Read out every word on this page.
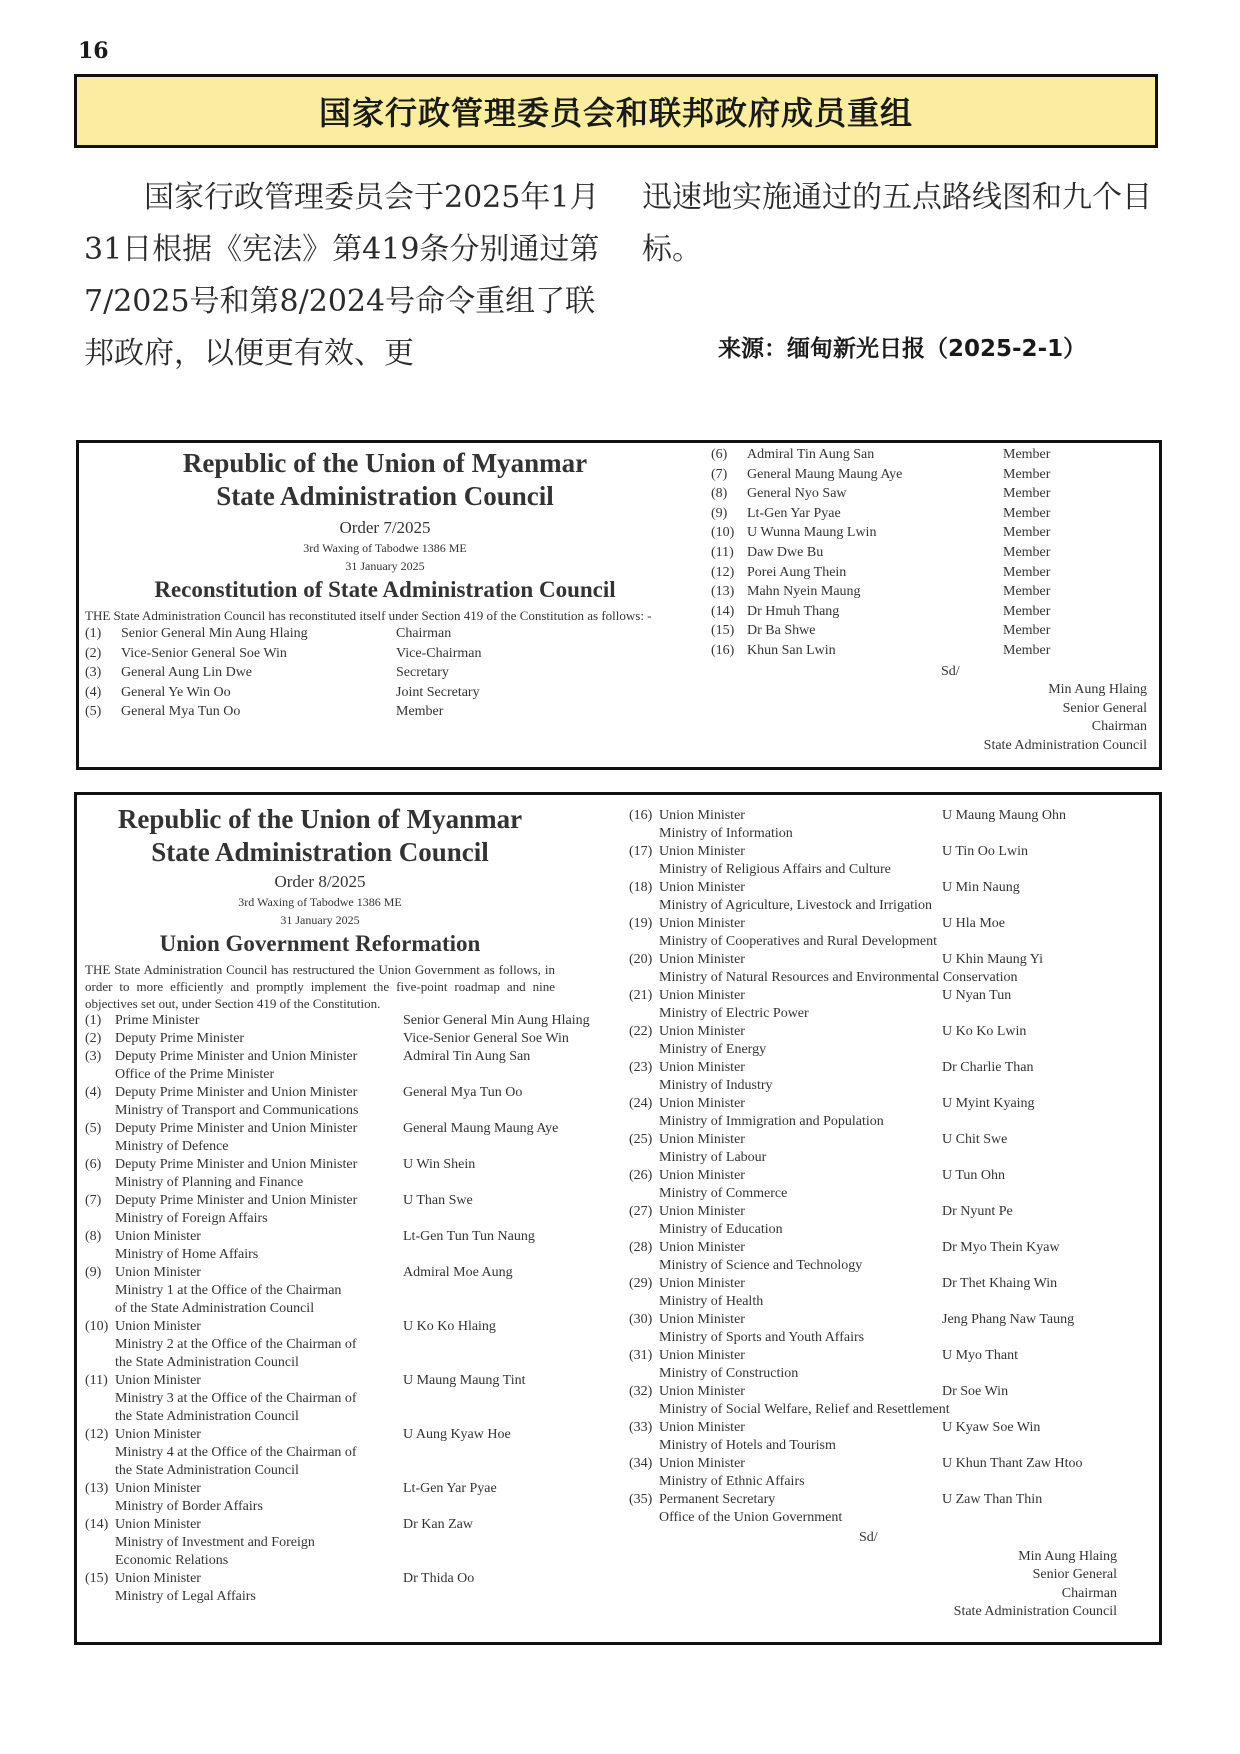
16
国家行政管理委员会和联邦政府成员重组

国家行政管理委员会于2025年1月31日根据《宪法》第419条分别通过第7/2025号和第8/2024号命令重组了联邦政府，以便更有效、更

迅速地实施通过的五点路线图和九个目标。

来源：缅甸新光日报（2025-2-1）
Republic of the Union of Myanmar
State Administration Council
Order 7/2025
3rd Waxing of Tabodwe 1386 ME
31 January 2025
Reconstitution of State Administration Council

THE State Administration Council has reconstituted itself under Section 419 of the Constitution as follows: -

(1)	Senior General Min Aung Hlaing	Chairman
(2)	Vice-Senior General Soe Win	Vice-Chairman
(3)	General Aung Lin Dwe	Secretary
(4)	General Ye Win Oo	Joint Secretary
(5)	General Mya Tun Oo	Member
(6)	Admiral Tin Aung San	Member
(7)	General Maung Maung Aye	Member
(8)	General Nyo Saw	Member
(9)	Lt-Gen Yar Pyae	Member
(10) U Wunna Maung Lwin	Member
(11) Daw Dwe Bu	Member
(12) Porei Aung Thein	Member
(13) Mahn Nyein Maung	Member
(14) Dr Hmuh Thang	Member
(15) Dr Ba Shwe	Member
(16) Khun San Lwin	Member
Sd/
Min Aung Hlaing
Senior General
Chairman
State Administration Council
Republic of the Union of Myanmar
State Administration Council
Order 8/2025
3rd Waxing of Tabodwe 1386 ME
31 January 2025
Union Government Reformation

THE State Administration Council has restructured the Union Government as follows, in order to more efficiently and promptly implement the five-point roadmap and nine objectives set out, under Section 419 of the Constitution.

(1) Prime Minister	Senior General Min Aung Hlaing
(2) Deputy Prime Minister	Vice-Senior General Soe Win
(3) Deputy Prime Minister and Union Minister	Admiral Tin Aung San
Office of the Prime Minister
(4) Deputy Prime Minister and Union Minister	General Mya Tun Oo
Ministry of Transport and Communications
(5) Deputy Prime Minister and Union Minister	General Maung Maung Aye
Ministry of Defence
(6) Deputy Prime Minister and Union Minister	U Win Shein
Ministry of Planning and Finance
(7) Deputy Prime Minister and Union Minister	U Than Swe
Ministry of Foreign Affairs
(8) Union Minister	Lt-Gen Tun Tun Naung
Ministry of Home Affairs
(9) Union Minister	Admiral Moe Aung
Ministry 1 at the Office of the Chairman
of the State Administration Council
(10) Union Minister	U Ko Ko Hlaing
Ministry 2 at the Office of the Chairman of
the State Administration Council
(11) Union Minister	U Maung Maung Tint
Ministry 3 at the Office of the Chairman of
the State Administration Council
(12) Union Minister	U Aung Kyaw Hoe
Ministry 4 at the Office of the Chairman of
the State Administration Council
(13) Union Minister	Lt-Gen Yar Pyae
Ministry of Border Affairs
(14) Union Minister	Dr Kan Zaw
Ministry of Investment and Foreign
Economic Relations
(15) Union Minister	Dr Thida Oo
Ministry of Legal Affairs
(16) Union Minister	U Maung Maung Ohn
Ministry of Information
(17) Union Minister	U Tin Oo Lwin
Ministry of Religious Affairs and Culture
(18) Union Minister	U Min Naung
Ministry of Agriculture, Livestock and Irrigation
(19) Union Minister	U Hla Moe
Ministry of Cooperatives and Rural Development
(20) Union Minister	U Khin Maung Yi
Ministry of Natural Resources and Environmental Conservation
(21) Union Minister	U Nyan Tun
Ministry of Electric Power
(22) Union Minister	U Ko Ko Lwin
Ministry of Energy
(23) Union Minister	Dr Charlie Than
Ministry of Industry
(24) Union Minister	U Myint Kyaing
Ministry of Immigration and Population
(25) Union Minister	U Chit Swe
Ministry of Labour
(26) Union Minister	U Tun Ohn
Ministry of Commerce
(27) Union Minister	Dr Nyunt Pe
Ministry of Education
(28) Union Minister	Dr Myo Thein Kyaw
Ministry of Science and Technology
(29) Union Minister	Dr Thet Khaing Win
Ministry of Health
(30) Union Minister	Jeng Phang Naw Taung
Ministry of Sports and Youth Affairs
(31) Union Minister	U Myo Thant
Ministry of Construction
(32) Union Minister	Dr Soe Win
Ministry of Social Welfare, Relief and Resettlement
(33) Union Minister	U Kyaw Soe Win
Ministry of Hotels and Tourism
(34) Union Minister	U Khun Thant Zaw Htoo
Ministry of Ethnic Affairs
(35) Permanent Secretary	U Zaw Than Thin
Office of the Union Government
Sd/
Min Aung Hlaing
Senior General
Chairman
State Administration Council
